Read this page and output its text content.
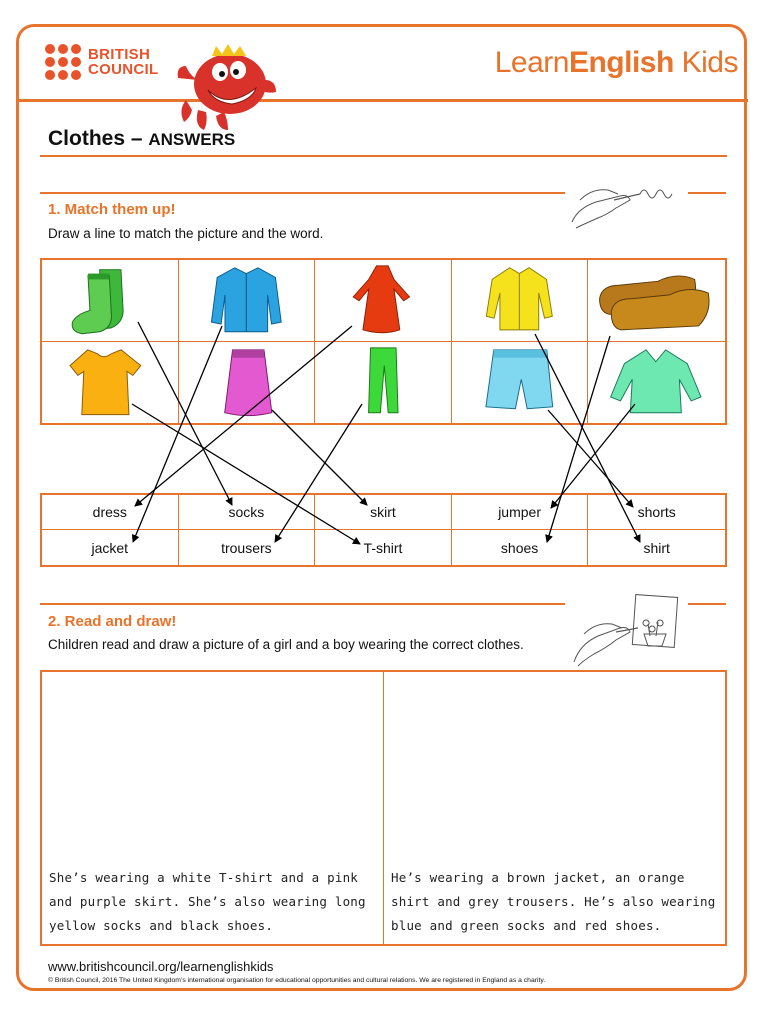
BRITISH
COUNCIL	LearnEnglish Kids
Clothes – ANSWERS
1. Match them up!
Draw a line to match the picture and the word.
dress	socks	skirt	jumper	shorts
jacket	trousers	T-shirt	shoes	shirt
2. Read and draw!
Children read and draw a picture of a girl and a boy wearing the correct clothes.
She’s wearing a white T-shirt and a pink and purple skirt. She’s also wearing long yellow socks and black shoes.
He’s wearing a brown jacket, an orange shirt and grey trousers. He’s also wearing blue and green socks and red shoes.
www.britishcouncil.org/learnenglishkids
© British Council, 2016 The United Kingdom’s international organisation for educational opportunities and cultural relations. We are registered in England as a charity.
